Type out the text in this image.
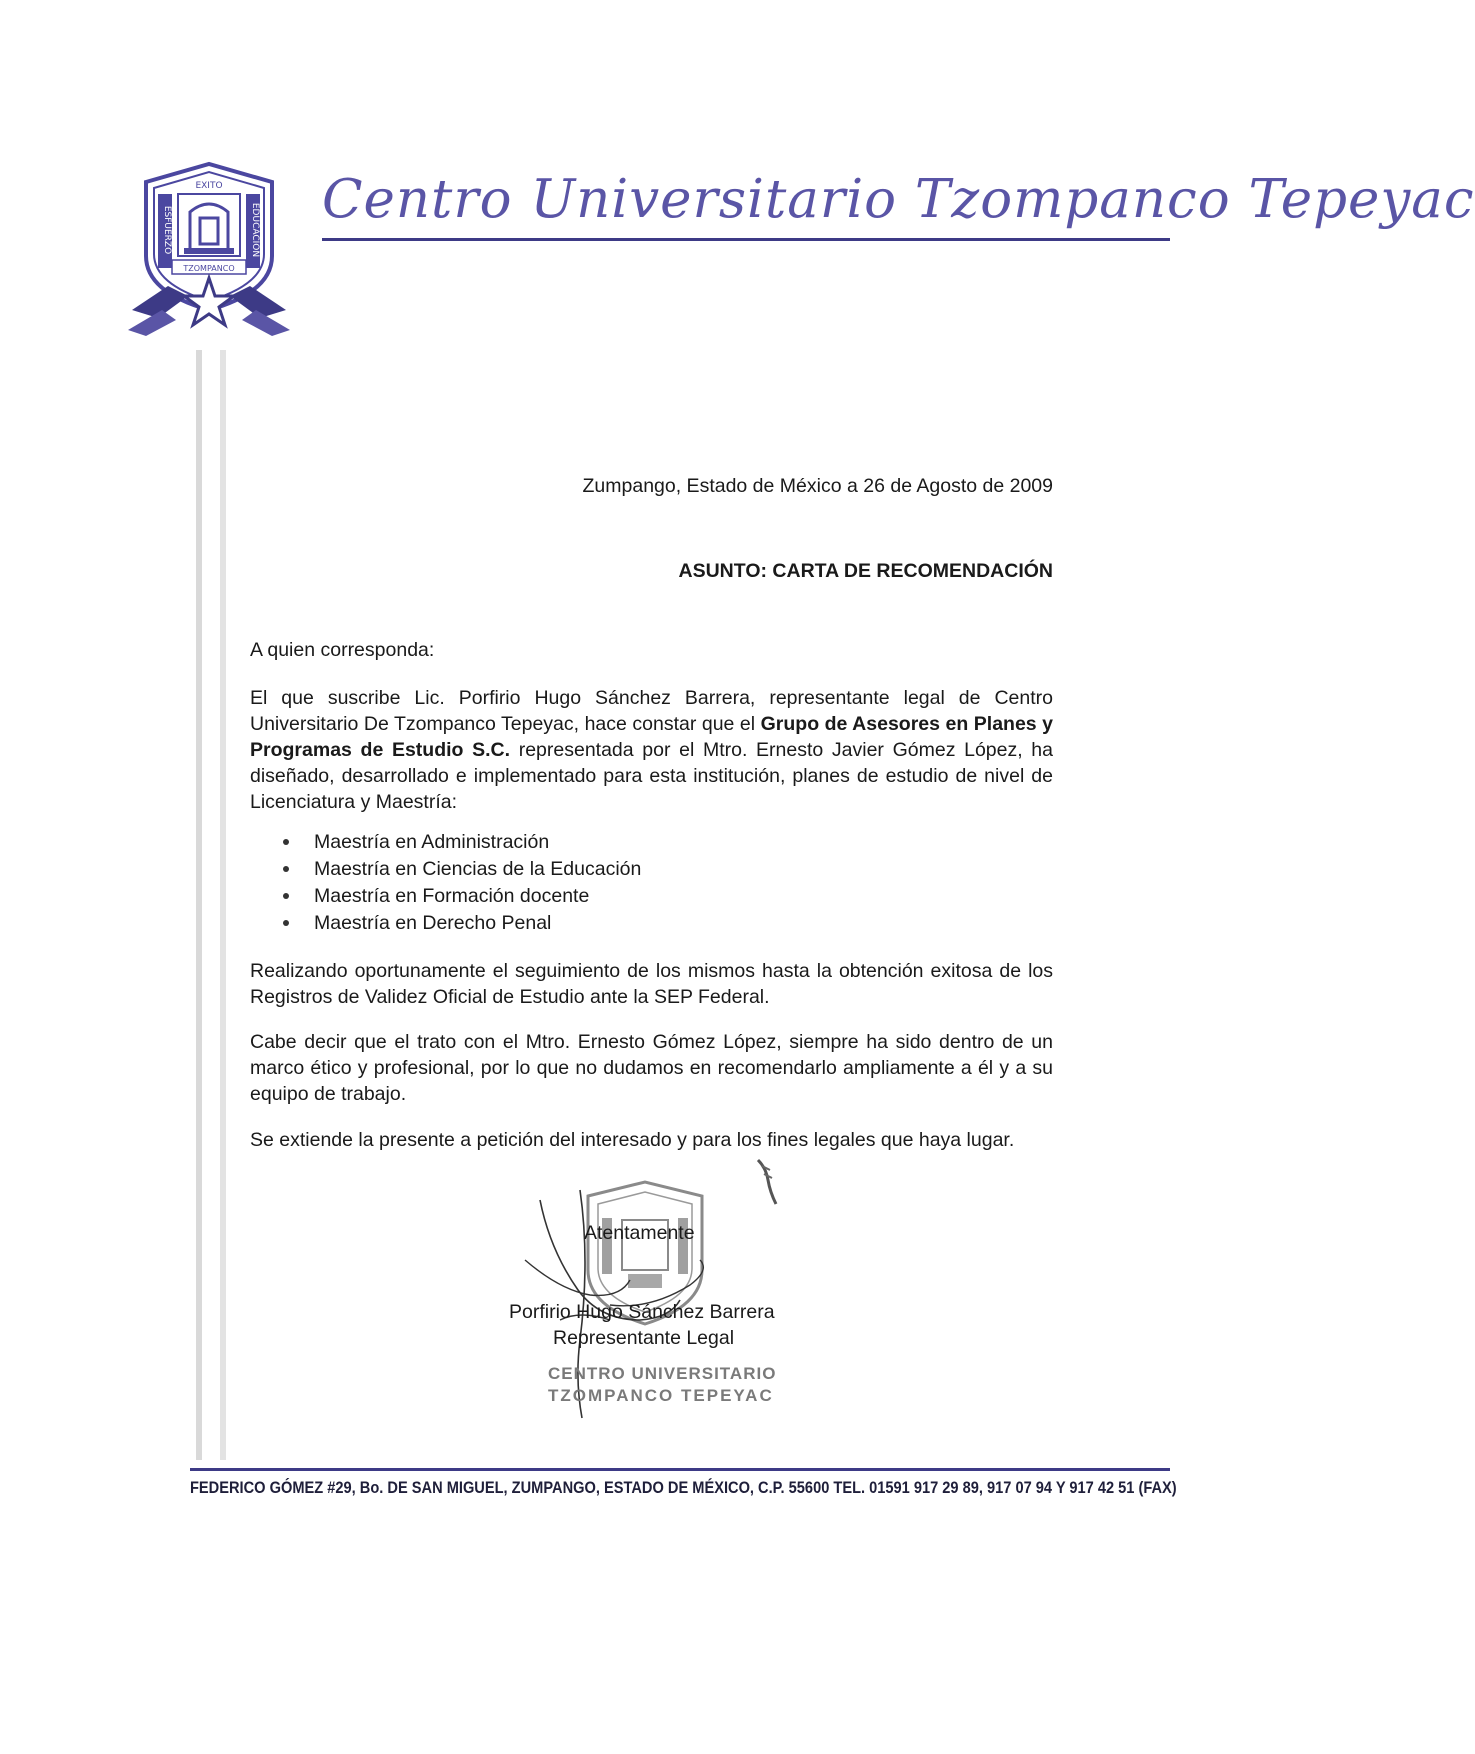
ESFUERZO	EDUCACION
EXITO
TZOMPANCO
Centro Universitario Tzompanco Tepeyac
Zumpango, Estado de México a 26 de Agosto de 2009
ASUNTO: CARTA DE RECOMENDACIÓN
A quien corresponda:
El que suscribe Lic. Porfirio Hugo Sánchez Barrera, representante legal de Centro Universitario De Tzompanco Tepeyac, hace constar que el Grupo de Asesores en Planes y Programas de Estudio S.C. representada por el Mtro. Ernesto Javier Gómez López, ha diseñado, desarrollado e implementado para esta institución, planes de estudio de nivel de Licenciatura y Maestría:
Maestría en Administración
Maestría en Ciencias de la Educación
Maestría en Formación docente
Maestría en Derecho Penal
Realizando oportunamente el seguimiento de los mismos hasta la obtención exitosa de los Registros de Validez Oficial de Estudio ante la SEP Federal.
Cabe decir que el trato con el Mtro. Ernesto Gómez López, siempre ha sido dentro de un marco ético y profesional, por lo que no dudamos en recomendarlo ampliamente a él y a su equipo de trabajo.
Se extiende la presente a petición del interesado y para los fines legales que haya lugar.
Atentamente
Porfirio Hugo Sánchez Barrera
Representante Legal
CENTRO UNIVERSITARIO
TZOMPANCO TEPEYAC
FEDERICO GÓMEZ #29, Bo. DE SAN MIGUEL, ZUMPANGO, ESTADO DE MÉXICO, C.P. 55600 TEL. 01591 917 29 89, 917 07 94 Y 917 42 51 (FAX)
